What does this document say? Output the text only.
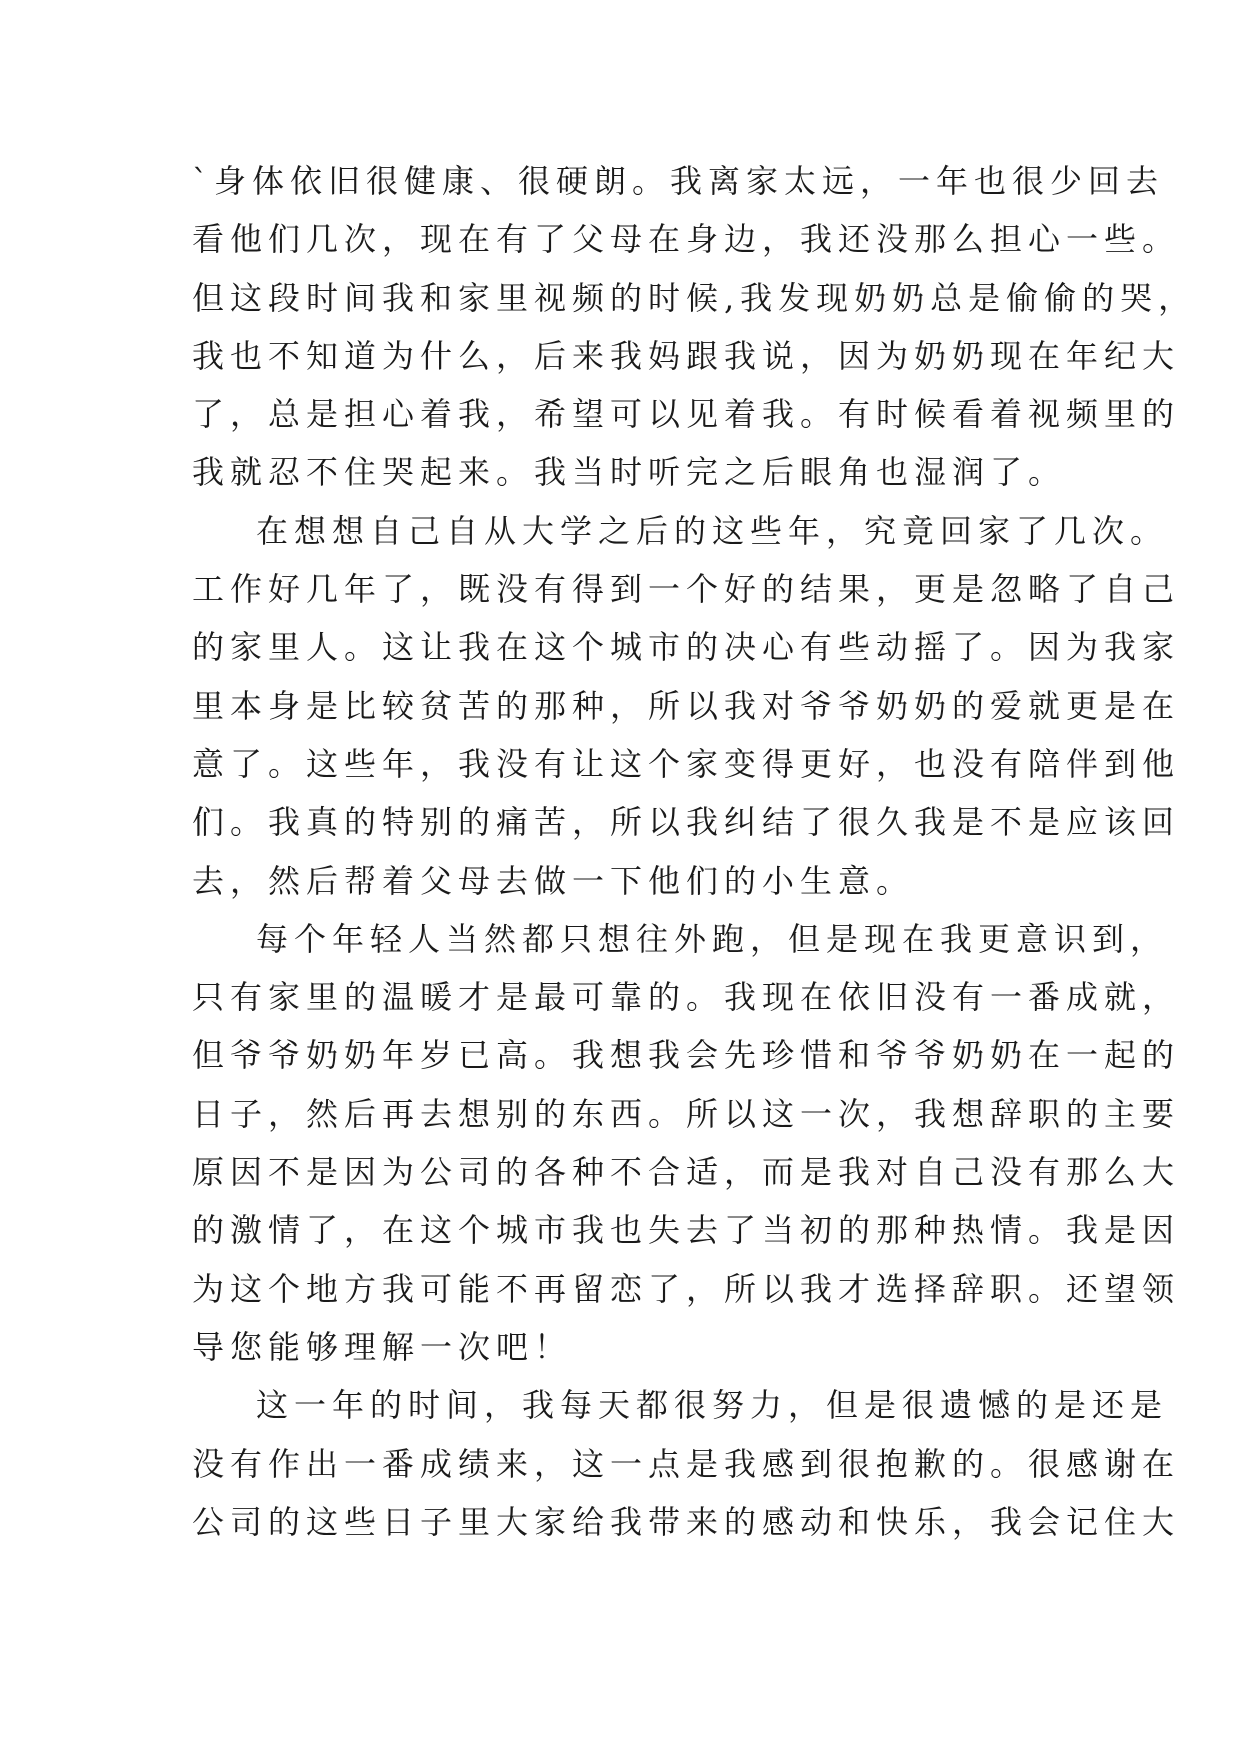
`身体依旧很健康、很硬朗。我离家太远，一年也很少回去
看他们几次，现在有了父母在身边，我还没那么担心一些。
但这段时间我和家里视频的时候,我发现奶奶总是偷偷的哭，
我也不知道为什么，后来我妈跟我说，因为奶奶现在年纪大
了，总是担心着我，希望可以见着我。有时候看着视频里的
我就忍不住哭起来。我当时听完之后眼角也湿润了。
在想想自己自从大学之后的这些年，究竟回家了几次。
工作好几年了，既没有得到一个好的结果，更是忽略了自己
的家里人。这让我在这个城市的决心有些动摇了。因为我家
里本身是比较贫苦的那种，所以我对爷爷奶奶的爱就更是在
意了。这些年，我没有让这个家变得更好，也没有陪伴到他
们。我真的特别的痛苦，所以我纠结了很久我是不是应该回
去，然后帮着父母去做一下他们的小生意。
每个年轻人当然都只想往外跑，但是现在我更意识到，
只有家里的温暖才是最可靠的。我现在依旧没有一番成就，
但爷爷奶奶年岁已高。我想我会先珍惜和爷爷奶奶在一起的
日子，然后再去想别的东西。所以这一次，我想辞职的主要
原因不是因为公司的各种不合适，而是我对自己没有那么大
的激情了，在这个城市我也失去了当初的那种热情。我是因
为这个地方我可能不再留恋了，所以我才选择辞职。还望领
导您能够理解一次吧！
这一年的时间，我每天都很努力，但是很遗憾的是还是
没有作出一番成绩来，这一点是我感到很抱歉的。很感谢在
公司的这些日子里大家给我带来的感动和快乐，我会记住大
